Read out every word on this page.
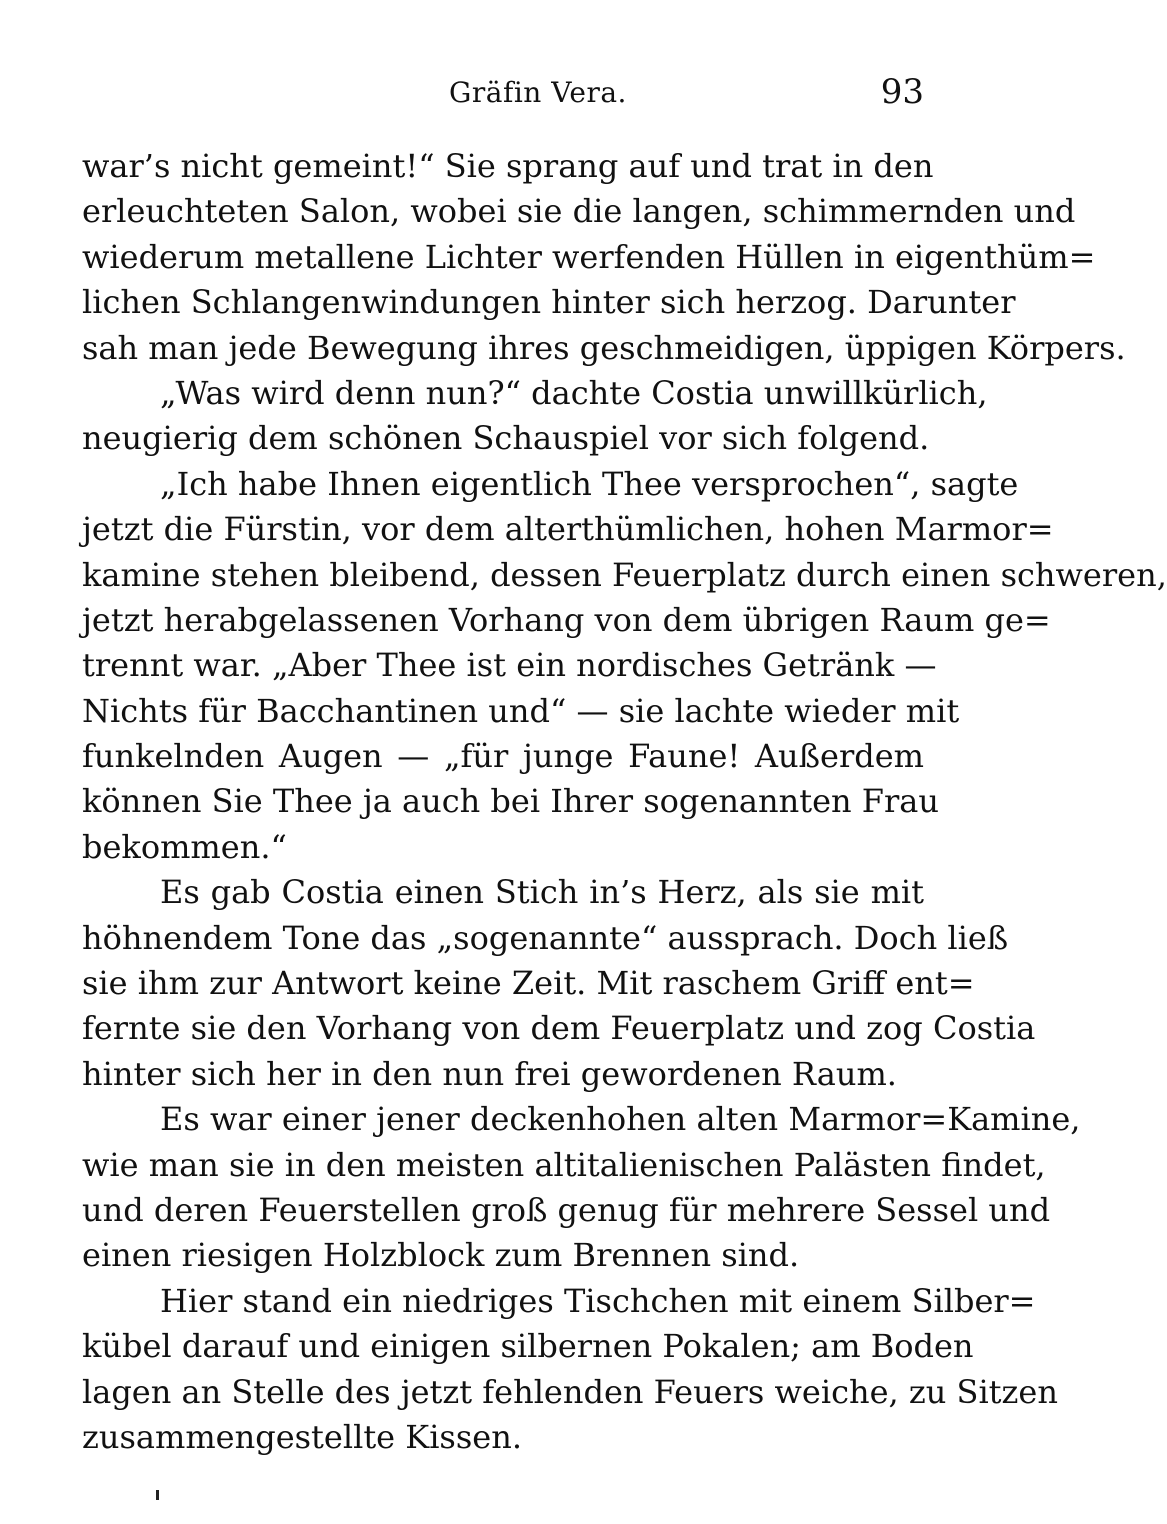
Gräfin Vera.	93
war’s nicht gemeint!“ Sie sprang auf und trat in den
erleuchteten Salon, wobei sie die langen, schimmernden und
wiederum metallene Lichter werfenden Hüllen in eigenthüm=
lichen Schlangenwindungen hinter sich herzog. Darunter
sah man jede Bewegung ihres geschmeidigen, üppigen Körpers.
„Was wird denn nun?“ dachte Costia unwillkürlich,
neugierig dem schönen Schauspiel vor sich folgend.
„Ich habe Ihnen eigentlich Thee versprochen“, sagte
jetzt die Fürstin, vor dem alterthümlichen, hohen Marmor=
kamine stehen bleibend, dessen Feuerplatz durch einen schweren,
jetzt herabgelassenen Vorhang von dem übrigen Raum ge=
trennt war. „Aber Thee ist ein nordisches Getränk —
Nichts für Bacchantinen und“ — sie lachte wieder mit
funkelnden Augen — „für junge Faune! Außerdem
können Sie Thee ja auch bei Ihrer sogenannten Frau
bekommen.“
Es gab Costia einen Stich in’s Herz, als sie mit
höhnendem Tone das „sogenannte“ aussprach. Doch ließ
sie ihm zur Antwort keine Zeit. Mit raschem Griff ent=
fernte sie den Vorhang von dem Feuerplatz und zog Costia
hinter sich her in den nun frei gewordenen Raum.
Es war einer jener deckenhohen alten Marmor=Kamine,
wie man sie in den meisten altitalienischen Palästen findet,
und deren Feuerstellen groß genug für mehrere Sessel und
einen riesigen Holzblock zum Brennen sind.
Hier stand ein niedriges Tischchen mit einem Silber=
kübel darauf und einigen silbernen Pokalen; am Boden
lagen an Stelle des jetzt fehlenden Feuers weiche, zu Sitzen
zusammengestellte Kissen.
